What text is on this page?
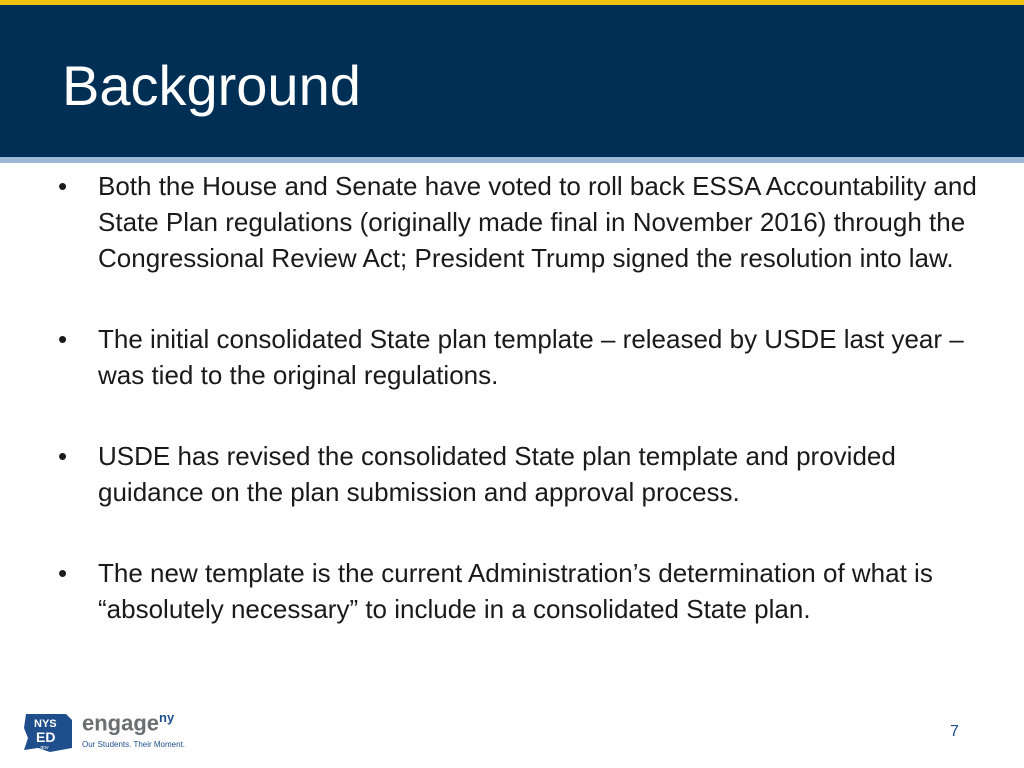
Background
•	Both the House and Senate have voted to roll back ESSA Accountability and State Plan regulations (originally made final in November 2016) through the Congressional Review Act; President Trump signed the resolution into law.
•	The initial consolidated State plan template – released by USDE last year – was tied to the original regulations.
•	USDE has revised the consolidated State plan template and provided guidance on the plan submission and approval process.
•	The new template is the current Administration’s determination of what is “absolutely necessary” to include in a consolidated State plan.
NYS
ED
.gov
engage$^{ny}$
Our Students. Their Moment.
7
